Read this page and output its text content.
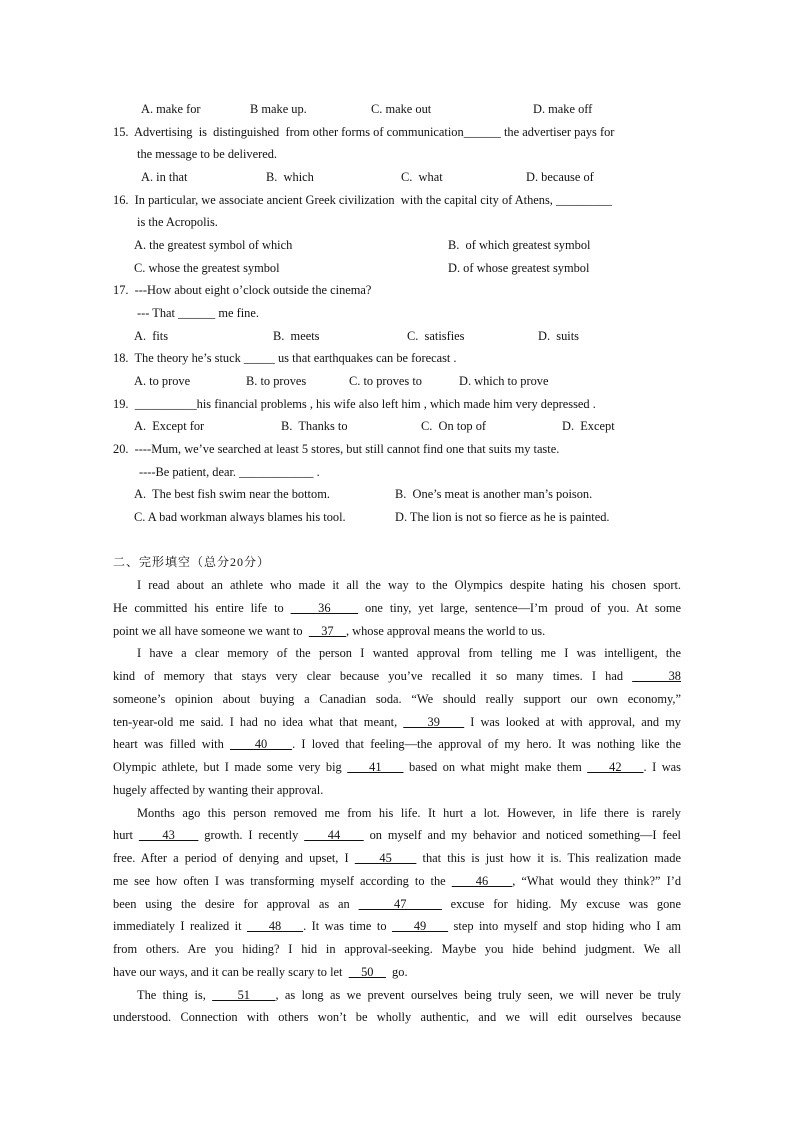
A. make for	B make up.	C. make out	D. make off
15.  Advertising  is  distinguished  from other forms of communication______ the advertiser pays for
the message to be delivered.
A. in that	B.  which	C.  what	D. because of
16.  In particular, we associate ancient Greek civilization  with the capital city of Athens, _________
is the Acropolis.
A. the greatest symbol of which	B.  of which greatest symbol
C. whose the greatest symbol	D. of whose greatest symbol
17.  ---How about eight o’clock outside the cinema?
--- That ______ me fine.
A.  fits	B.  meets	C.  satisfies	D.  suits
18.  The theory he’s stuck _____ us that earthquakes can be forecast .
A. to prove	B. to proves	C. to proves to	D. which to prove
19.  __________his financial problems , his wife also left him , which made him very depressed .
A.  Except for	B.  Thanks to	C.  On top of	D.  Except
20.  ----Mum, we’ve searched at least 5 stores, but still cannot find one that suits my taste.
----Be patient, dear. ____________ .
A.  The best fish swim near the bottom.	B.  One’s meat is another man’s poison.
C. A bad workman always blames his tool.	D. The lion is not so fierce as he is painted.
二、完形填空（总分20分）
I read about an athlete who made it all the way to the Olympics despite hating his chosen sport.
He committed his entire life to     36     one tiny, yet large, sentence—I’m proud of you. At some
point we all have someone we want to      37    , whose approval means the world to us.
I have a clear memory of the person I wanted approval from telling me I was intelligent, the
kind of memory that stays very clear because you’ve recalled it so many times. I had     38
someone’s opinion about buying a Canadian soda. “We should really support our own economy,”
ten-year-old me said. I had no idea what that meant,     39     I was looked at with approval, and my
heart was filled with     40    . I loved that feeling—the approval of my hero. It was nothing like the
Olympic athlete, but I made some very big     41     based on what might make them     42    . I was
hugely affected by wanting their approval.
Months ago this person removed me from his life. It hurt a lot. However, in life there is rarely
hurt     43     growth. I recently     44     on myself and my behavior and noticed something—I feel
free. After a period of denying and upset, I     45     that this is just how it is. This realization made
me see how often I was transforming myself according to the     46    , “What would they think?” I’d
been using the desire for approval as an     47     excuse for hiding. My excuse was gone
immediately I realized it     48    . It was time to     49     step into myself and stop hiding who I am
from others. Are you hiding? I hid in approval-seeking. Maybe you hide behind judgment. We all
have our ways, and it can be really scary to let      50      go.
The thing is,     51    , as long as we prevent ourselves being truly seen, we will never be truly
understood. Connection with others won’t be wholly authentic, and we will edit ourselves because
